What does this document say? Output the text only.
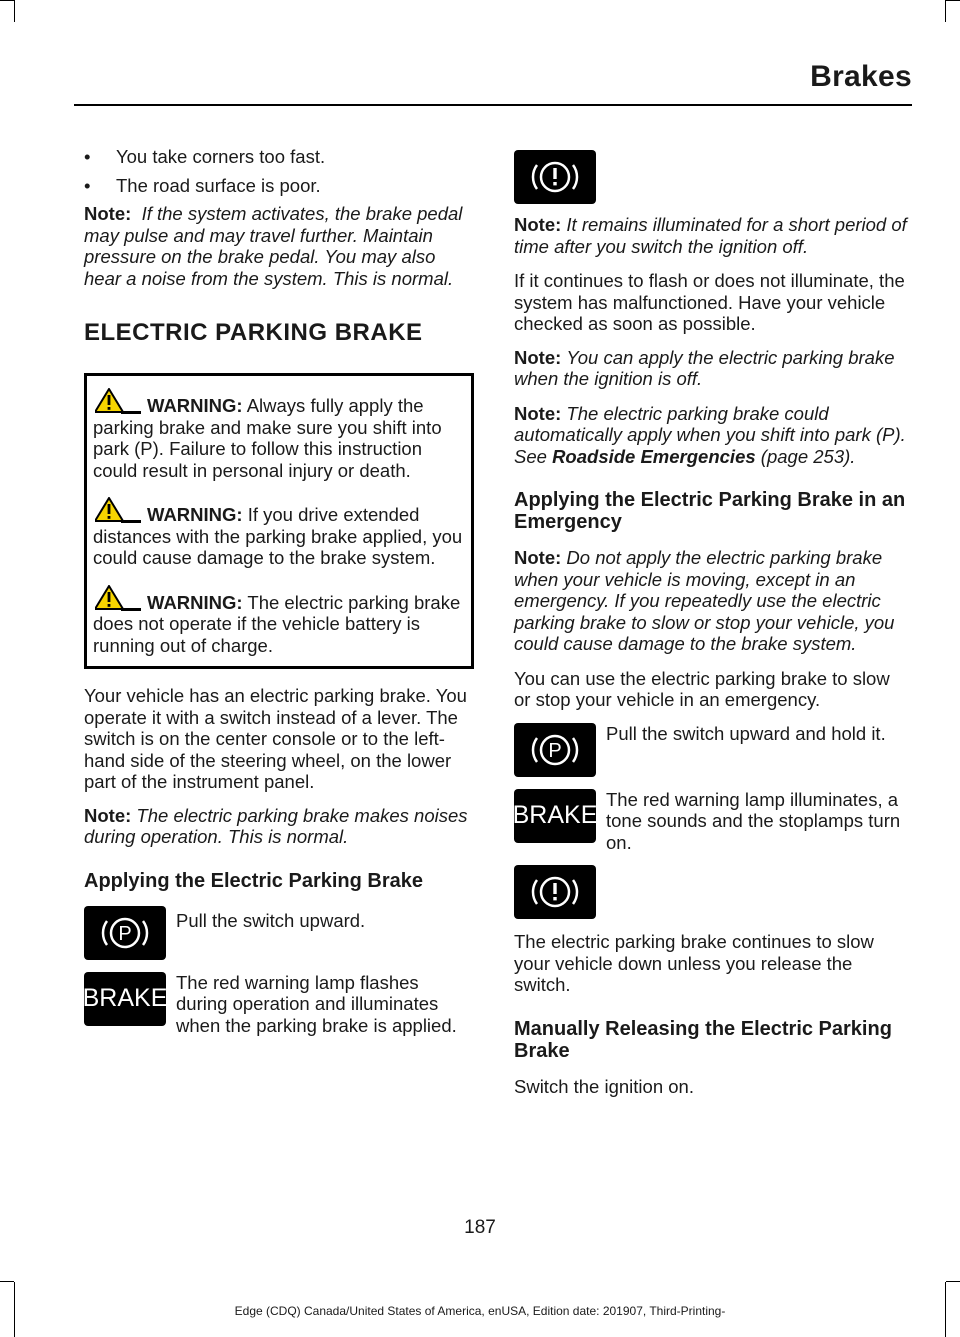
Brakes
• You take corners too fast.
• The road surface is poor.

Note: If the system activates, the brake pedal may pulse and may travel further. Maintain pressure on the brake pedal. You may also hear a noise from the system. This is normal.

ELECTRIC PARKING BRAKE

WARNING: Always fully apply the parking brake and make sure you shift into park (P). Failure to follow this instruction could result in personal injury or death.

WARNING: If you drive extended distances with the parking brake applied, you could cause damage to the brake system.

WARNING: The electric parking brake does not operate if the vehicle battery is running out of charge.

Your vehicle has an electric parking brake. You operate it with a switch instead of a lever. The switch is on the center console or to the left-hand side of the steering wheel, on the lower part of the instrument panel.

Note: The electric parking brake makes noises during operation. This is normal.

Applying the Electric Parking Brake
P

Pull the switch upward.

BRAKE

The red warning lamp flashes during operation and illuminates when the parking brake is applied.

Note: It remains illuminated for a short period of time after you switch the ignition off.

If it continues to flash or does not illuminate, the system has malfunctioned. Have your vehicle checked as soon as possible.

Note: You can apply the electric parking brake when the ignition is off.

Note: The electric parking brake could automatically apply when you shift into park (P). See Roadside Emergencies (page 253).

Applying the Electric Parking Brake in an Emergency

Note: Do not apply the electric parking brake when your vehicle is moving, except in an emergency. If you repeatedly use the electric parking brake to slow or stop your vehicle, you could cause damage to the brake system.

You can use the electric parking brake to slow or stop your vehicle in an emergency.

P

Pull the switch upward and hold it.

BRAKE

The red warning lamp illuminates, a tone sounds and the stoplamps turn on.

The electric parking brake continues to slow your vehicle down unless you release the switch.

Manually Releasing the Electric Parking Brake

Switch the ignition on.

187
Edge (CDQ) Canada/United States of America, enUSA, Edition date: 201907, Third-Printing-
